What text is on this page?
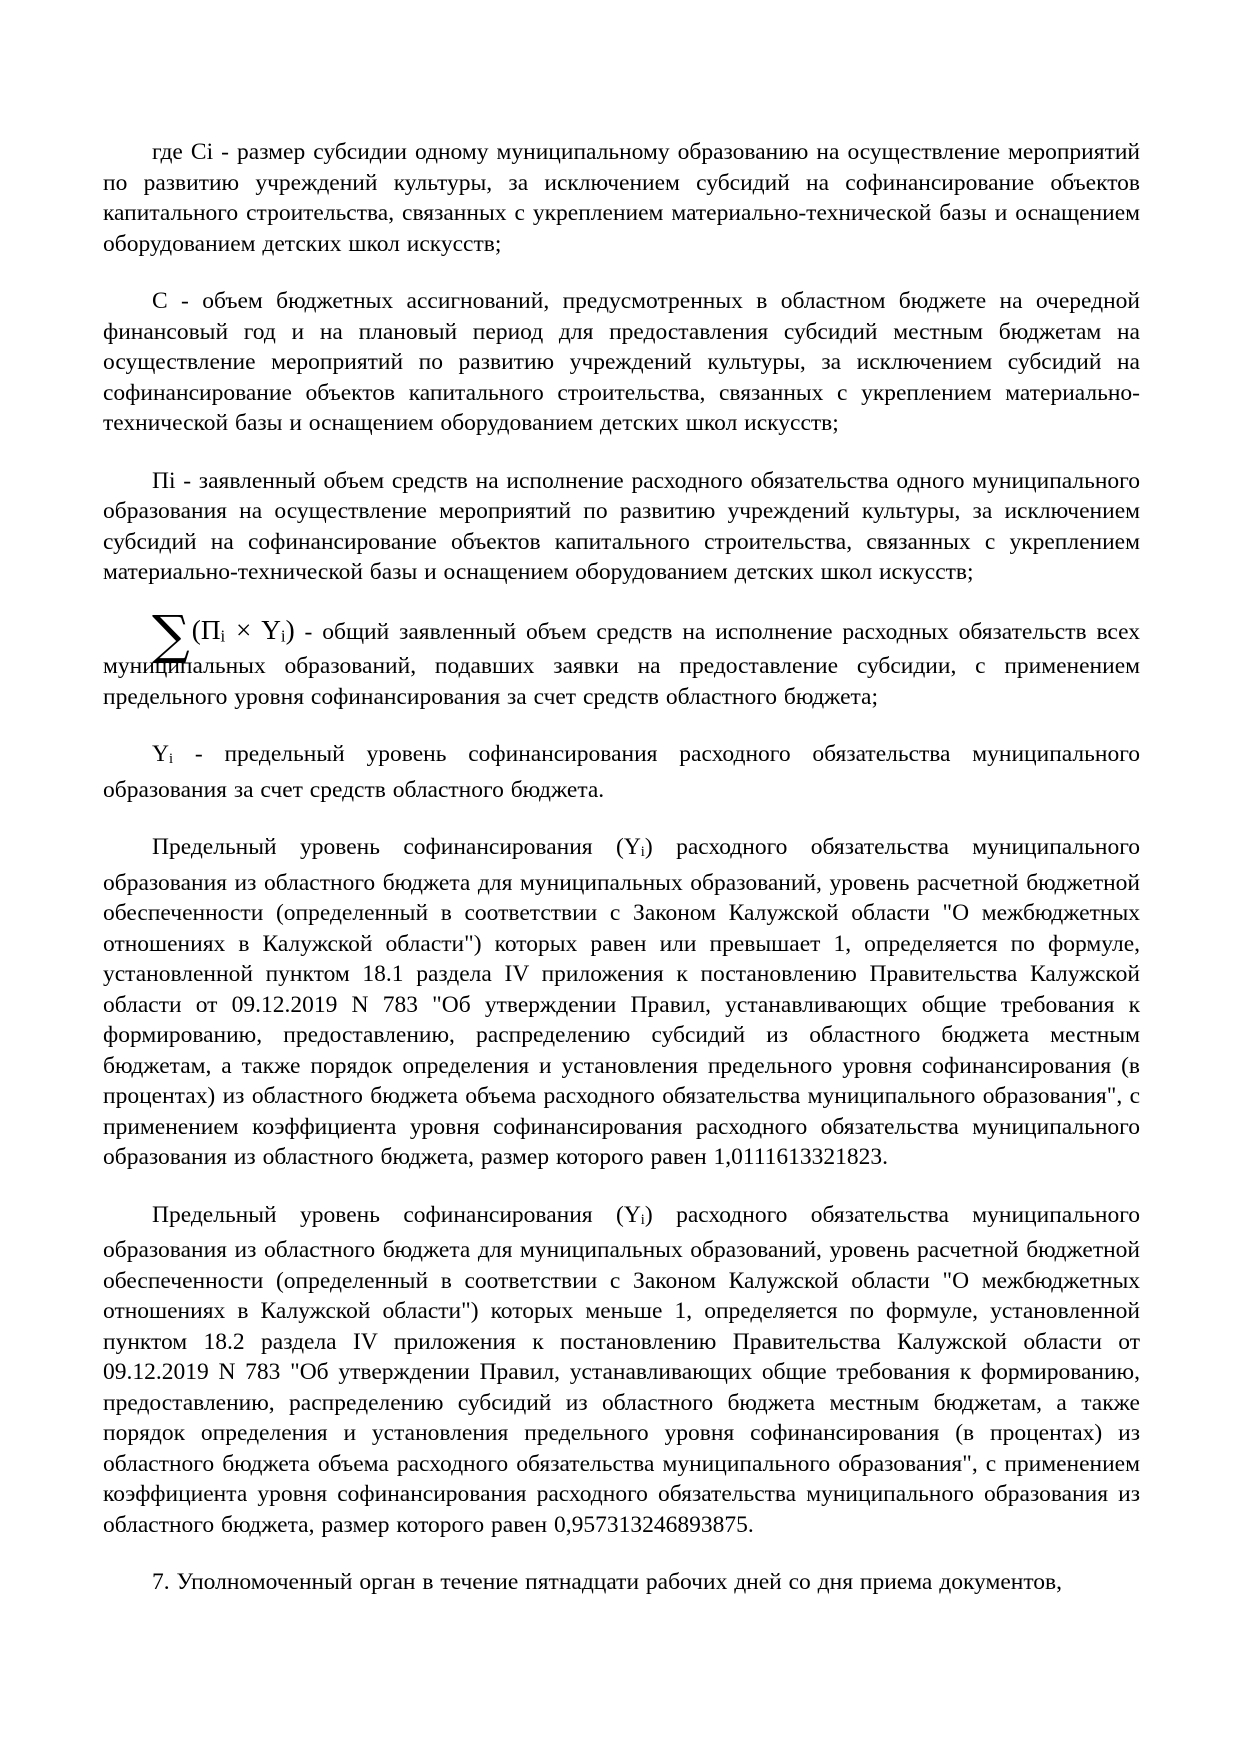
где Сi - размер субсидии одному муниципальному образованию на осуществление мероприятий по развитию учреждений культуры, за исключением субсидий на софинансирование объектов капитального строительства, связанных с укреплением материально-технической базы и оснащением оборудованием детских школ искусств;

С - объем бюджетных ассигнований, предусмотренных в областном бюджете на очередной финансовый год и на плановый период для предоставления субсидий местным бюджетам на осуществление мероприятий по развитию учреждений культуры, за исключением субсидий на софинансирование объектов капитального строительства, связанных с укреплением материально-технической базы и оснащением оборудованием детских школ искусств;

Пi - заявленный объем средств на исполнение расходного обязательства одного муниципального образования на осуществление мероприятий по развитию учреждений культуры, за исключением субсидий на софинансирование объектов капитального строительства, связанных с укреплением материально-технической базы и оснащением оборудованием детских школ искусств;

∑(Пi × Yi) - общий заявленный объем средств на исполнение расходных обязательств всех муниципальных образований, подавших заявки на предоставление субсидии, с применением предельного уровня софинансирования за счет средств областного бюджета;

Yi - предельный уровень софинансирования расходного обязательства муниципального образования за счет средств областного бюджета.

Предельный уровень софинансирования (Yi) расходного обязательства муниципального образования из областного бюджета для муниципальных образований, уровень расчетной бюджетной обеспеченности (определенный в соответствии с Законом Калужской области "О межбюджетных отношениях в Калужской области") которых равен или превышает 1, определяется по формуле, установленной пунктом 18.1 раздела IV приложения к постановлению Правительства Калужской области от 09.12.2019 N 783 "Об утверждении Правил, устанавливающих общие требования к формированию, предоставлению, распределению субсидий из областного бюджета местным бюджетам, а также порядок определения и установления предельного уровня софинансирования (в процентах) из областного бюджета объема расходного обязательства муниципального образования", с применением коэффициента уровня софинансирования расходного обязательства муниципального образования из областного бюджета, размер которого равен 1,0111613321823.

Предельный уровень софинансирования (Yi) расходного обязательства муниципального образования из областного бюджета для муниципальных образований, уровень расчетной бюджетной обеспеченности (определенный в соответствии с Законом Калужской области "О межбюджетных отношениях в Калужской области") которых меньше 1, определяется по формуле, установленной пунктом 18.2 раздела IV приложения к постановлению Правительства Калужской области от 09.12.2019 N 783 "Об утверждении Правил, устанавливающих общие требования к формированию, предоставлению, распределению субсидий из областного бюджета местным бюджетам, а также порядок определения и установления предельного уровня софинансирования (в процентах) из областного бюджета объема расходного обязательства муниципального образования", с применением коэффициента уровня софинансирования расходного обязательства муниципального образования из областного бюджета, размер которого равен 0,957313246893875.

7. Уполномоченный орган в течение пятнадцати рабочих дней со дня приема документов,
